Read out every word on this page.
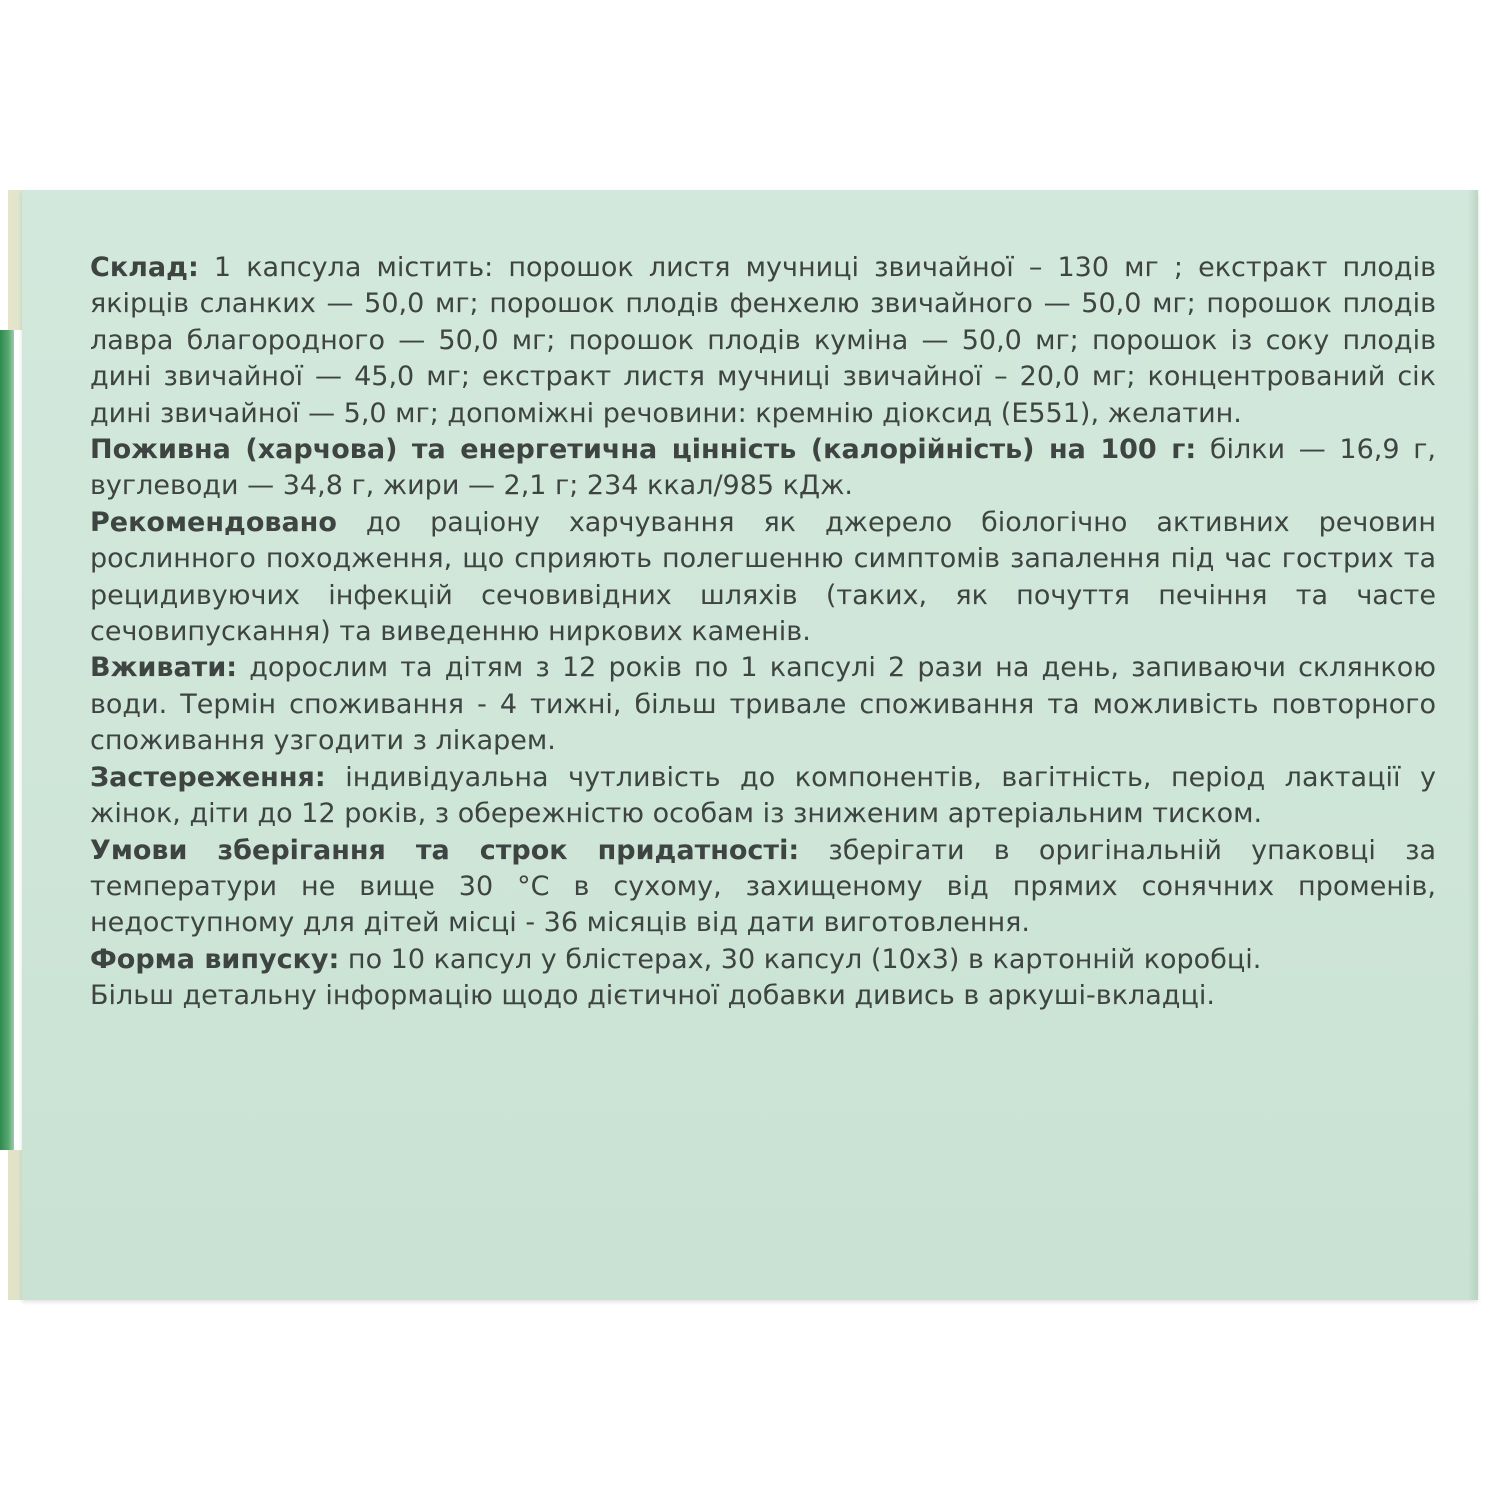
Склад: 1 капсула містить: порошок листя мучниці звичайної – 130 мг ; екстракт плодів якірців сланких — 50,0 мг; порошок плодів фенхелю звичайного — 50,0 мг; порошок плодів лавра благородного — 50,0 мг; порошок плодів куміна — 50,0 мг; порошок із соку плодів дині звичайної — 45,0 мг; екстракт листя мучниці звичайної – 20,0 мг; концентрований сік дині звичайної — 5,0 мг; допоміжні речовини: кремнію діоксид (Е551), желатин.

Поживна (харчова) та енергетична цінність (калорійність) на 100 г: білки — 16,9 г, вуглеводи — 34,8 г, жири — 2,1 г; 234 ккал/985 кДж.

Рекомендовано до раціону харчування як джерело біологічно активних речовин рослинного походження, що сприяють полегшенню симптомів запалення під час гострих та рецидивуючих інфекцій сечовивідних шляхів (таких, як почуття печіння та часте сечовипускання) та виведенню ниркових каменів.

Вживати: дорослим та дітям з 12 років по 1 капсулі 2 рази на день, запиваючи склянкою води. Термін споживання - 4 тижні, більш тривале споживання та можливість повторного споживання узгодити з лікарем.

Застереження: індивідуальна чутливість до компонентів, вагітність, період лактації у жінок, діти до 12 років, з обережністю особам із зниженим артеріальним тиском.

Умови зберігання та строк придатності: зберігати в оригінальній упаковці за температури не вище 30 °С в сухому, захищеному від прямих сонячних променів, недоступному для дітей місці - 36 місяців від дати виготовлення.

Форма випуску: по 10 капсул у блістерах, 30 капсул (10х3) в картонній коробці.

Більш детальну інформацію щодо дієтичної добавки дивись в аркуші-вкладці.
